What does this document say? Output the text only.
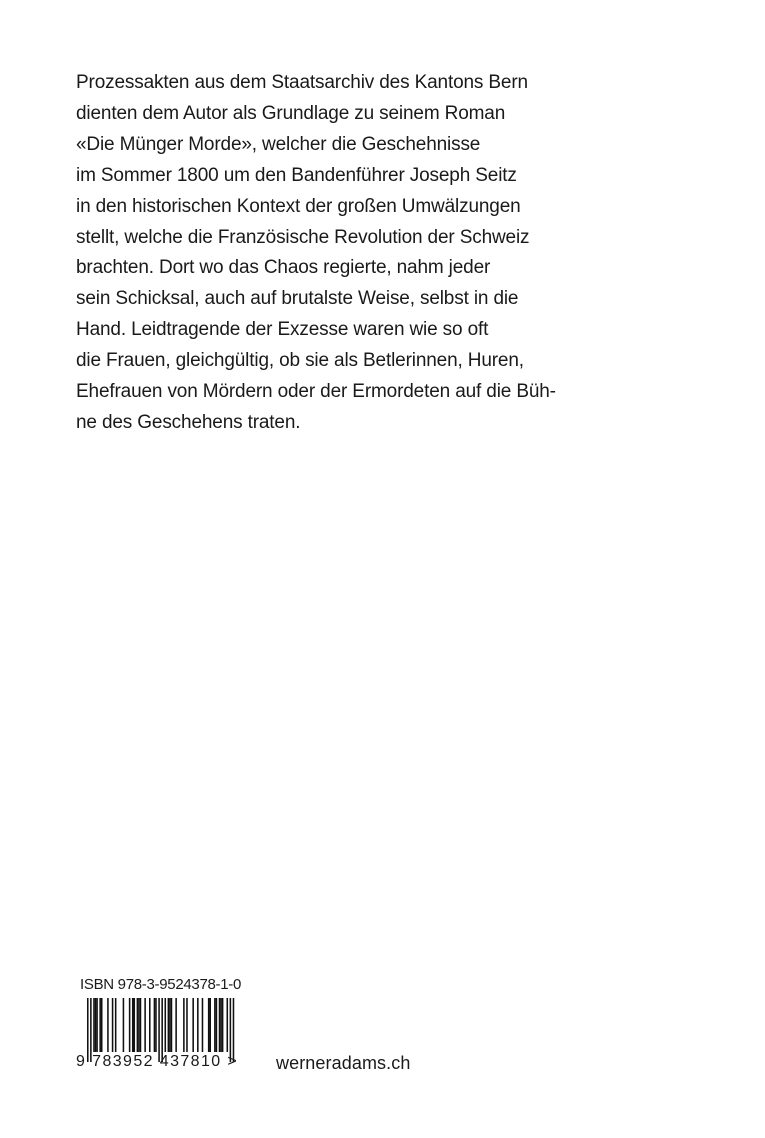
Prozessakten aus dem Staatsarchiv des Kantons Bern
dienten dem Autor als Grundlage zu seinem Roman
«Die Münger Morde», welcher die Geschehnisse
im Sommer 1800 um den Bandenführer Joseph Seitz
in den historischen Kontext der großen Umwälzungen
stellt, welche die Französische Revolution der Schweiz
brachten. Dort wo das Chaos regierte, nahm jeder
sein Schicksal, auch auf brutalste Weise, selbst in die
Hand. Leidtragende der Exzesse waren wie so oft
die Frauen, gleichgültig, ob sie als Betlerinnen, Huren,
Ehefrauen von Mördern oder der Ermordeten auf die Büh-
ne des Geschehens traten.
ISBN 978-3-9524378-1-0
9 783952 437810 > werneradams.ch
